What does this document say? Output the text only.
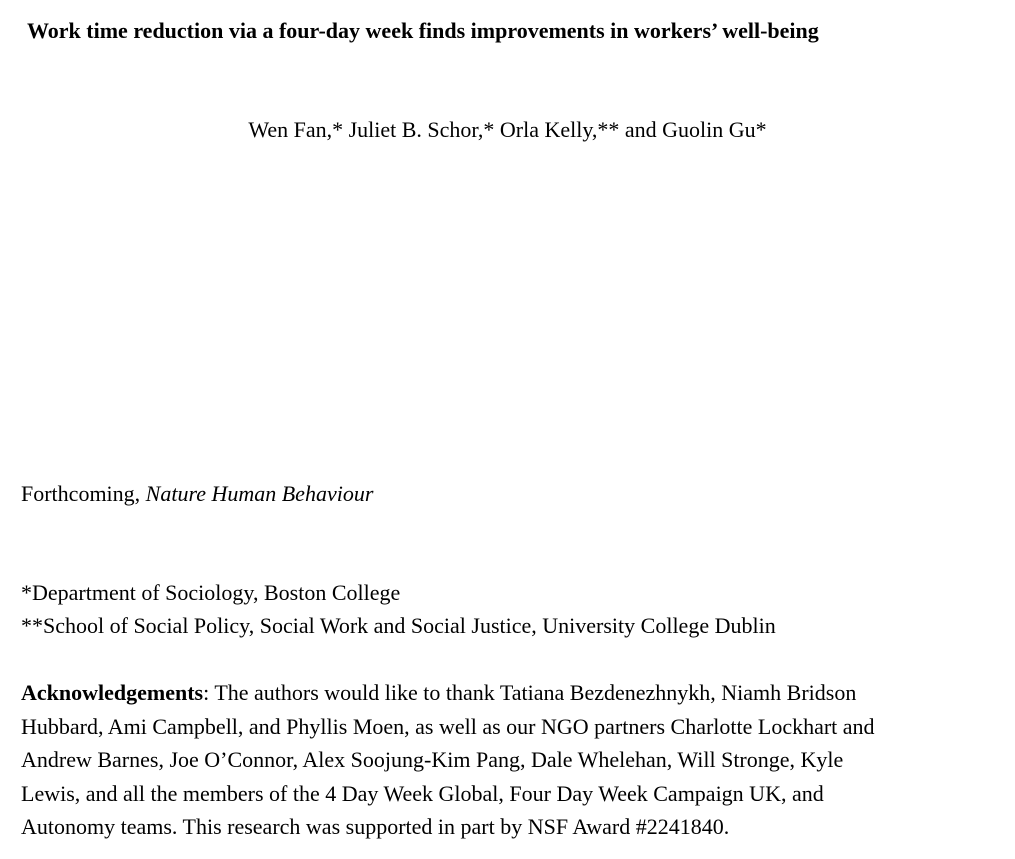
Work time reduction via a four-day week finds improvements in workers’ well-being
Wen Fan,* Juliet B. Schor,* Orla Kelly,** and Guolin Gu*
Forthcoming, Nature Human Behaviour
*Department of Sociology, Boston College
**School of Social Policy, Social Work and Social Justice, University College Dublin
Acknowledgements: The authors would like to thank Tatiana Bezdenezhnykh, Niamh Bridson
Hubbard, Ami Campbell, and Phyllis Moen, as well as our NGO partners Charlotte Lockhart and
Andrew Barnes, Joe O’Connor, Alex Soojung-Kim Pang, Dale Whelehan, Will Stronge, Kyle
Lewis, and all the members of the 4 Day Week Global, Four Day Week Campaign UK, and
Autonomy teams. This research was supported in part by NSF Award #2241840.
